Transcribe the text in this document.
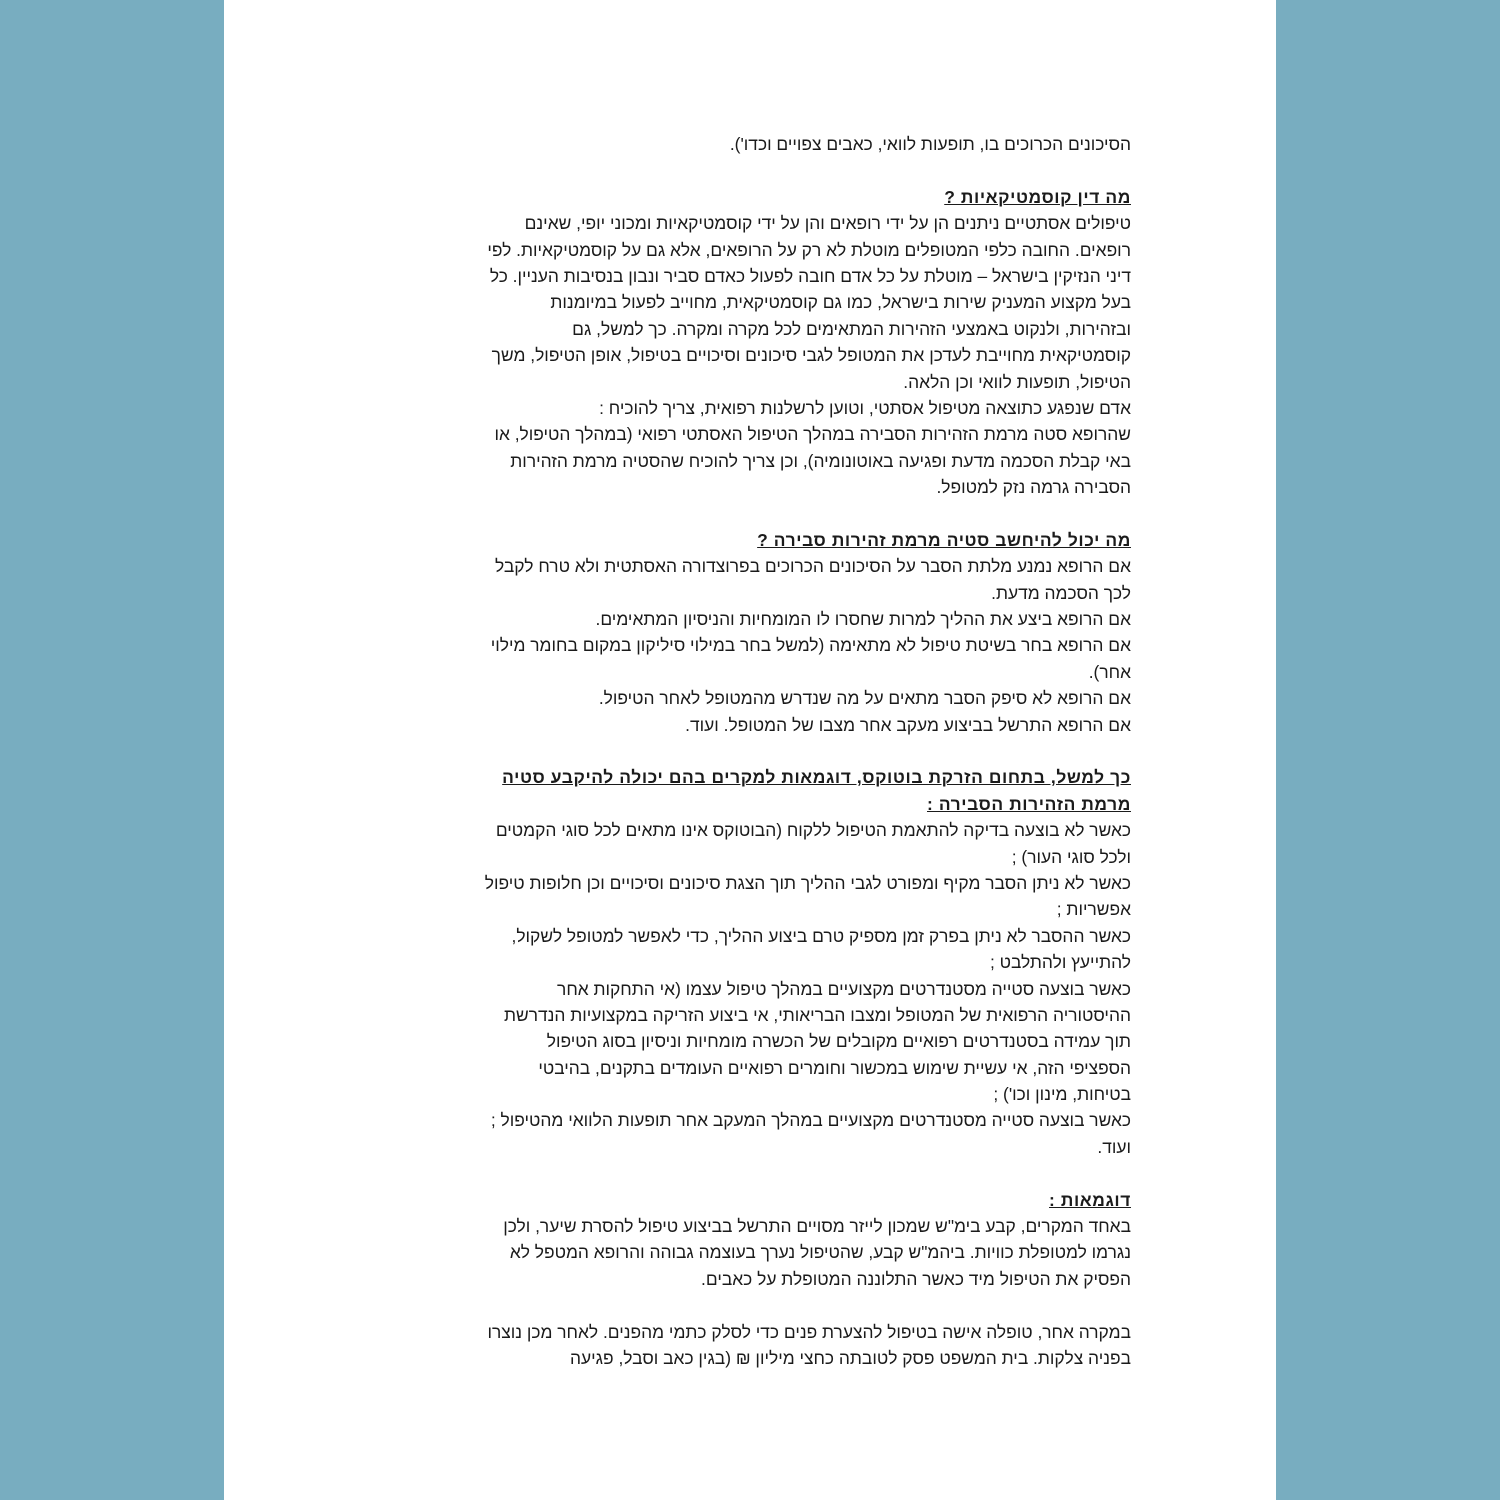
הסיכונים הכרוכים בו, תופעות לוואי, כאבים צפויים וכדו').
מה דין קוסמטיקאיות ?
טיפולים אסתטיים ניתנים הן על ידי רופאים והן על ידי קוסמטיקאיות ומכוני יופי, שאינם
רופאים. החובה כלפי המטופלים מוטלת לא רק על הרופאים, אלא גם על קוסמטיקאיות. לפי
דיני הנזיקין בישראל – מוטלת על כל אדם חובה לפעול כאדם סביר ונבון בנסיבות העניין. כל
בעל מקצוע המעניק שירות בישראל, כמו גם קוסמטיקאית, מחוייב לפעול במיומנות
ובזהירות, ולנקוט באמצעי הזהירות המתאימים לכל מקרה ומקרה. כך למשל, גם
קוסמטיקאית מחוייבת לעדכן את המטופל לגבי סיכונים וסיכויים בטיפול, אופן הטיפול, משך
הטיפול, תופעות לוואי וכן הלאה.
אדם שנפגע כתוצאה מטיפול אסתטי, וטוען לרשלנות רפואית, צריך להוכיח :
שהרופא סטה מרמת הזהירות הסבירה במהלך הטיפול האסתטי רפואי (במהלך הטיפול, או
באי קבלת הסכמה מדעת ופגיעה באוטונומיה), וכן צריך להוכיח שהסטיה מרמת הזהירות
הסבירה גרמה נזק למטופל.
מה יכול להיחשב סטיה מרמת זהירות סבירה ?
אם הרופא נמנע מלתת הסבר על הסיכונים הכרוכים בפרוצדורה האסתטית ולא טרח לקבל
לכך הסכמה מדעת.
אם הרופא ביצע את ההליך למרות שחסרו לו המומחיות והניסיון המתאימים.
אם הרופא בחר בשיטת טיפול לא מתאימה (למשל בחר במילוי סיליקון במקום בחומר מילוי
אחר).
אם הרופא לא סיפק הסבר מתאים על מה שנדרש מהמטופל לאחר הטיפול.
אם הרופא התרשל בביצוע מעקב אחר מצבו של המטופל. ועוד.
כך למשל, בתחום הזרקת בוטוקס, דוגמאות למקרים בהם יכולה להיקבע סטיה
מרמת הזהירות הסבירה :
כאשר לא בוצעה בדיקה להתאמת הטיפול ללקוח (הבוטוקס אינו מתאים לכל סוגי הקמטים
ולכל סוגי העור) ;
כאשר לא ניתן הסבר מקיף ומפורט לגבי ההליך תוך הצגת סיכונים וסיכויים וכן חלופות טיפול
אפשריות ;
כאשר ההסבר לא ניתן בפרק זמן מספיק טרם ביצוע ההליך, כדי לאפשר למטופל לשקול,
להתייעץ ולהתלבט ;
כאשר בוצעה סטייה מסטנדרטים מקצועיים במהלך טיפול עצמו (אי התחקות אחר
ההיסטוריה הרפואית של המטופל ומצבו הבריאותי, אי ביצוע הזריקה במקצועיות הנדרשת
תוך עמידה בסטנדרטים רפואיים מקובלים של הכשרה מומחיות וניסיון בסוג הטיפול
הספציפי הזה, אי עשיית שימוש במכשור וחומרים רפואיים העומדים בתקנים, בהיבטי
בטיחות, מינון וכו') ;
כאשר בוצעה סטייה מסטנדרטים מקצועיים במהלך המעקב אחר תופעות הלוואי מהטיפול ;
ועוד.
דוגמאות :
באחד המקרים, קבע בימ"ש שמכון לייזר מסויים התרשל בביצוע טיפול להסרת שיער, ולכן
נגרמו למטופלת כוויות. ביהמ"ש קבע, שהטיפול נערך בעוצמה גבוהה והרופא המטפל לא
הפסיק את הטיפול מיד כאשר התלוננה המטופלת על כאבים.
במקרה אחר, טופלה אישה בטיפול להצערת פנים כדי לסלק כתמי מהפנים. לאחר מכן נוצרו
בפניה צלקות. בית המשפט פסק לטובתה כחצי מיליון ₪ (בגין כאב וסבל, פגיעה
